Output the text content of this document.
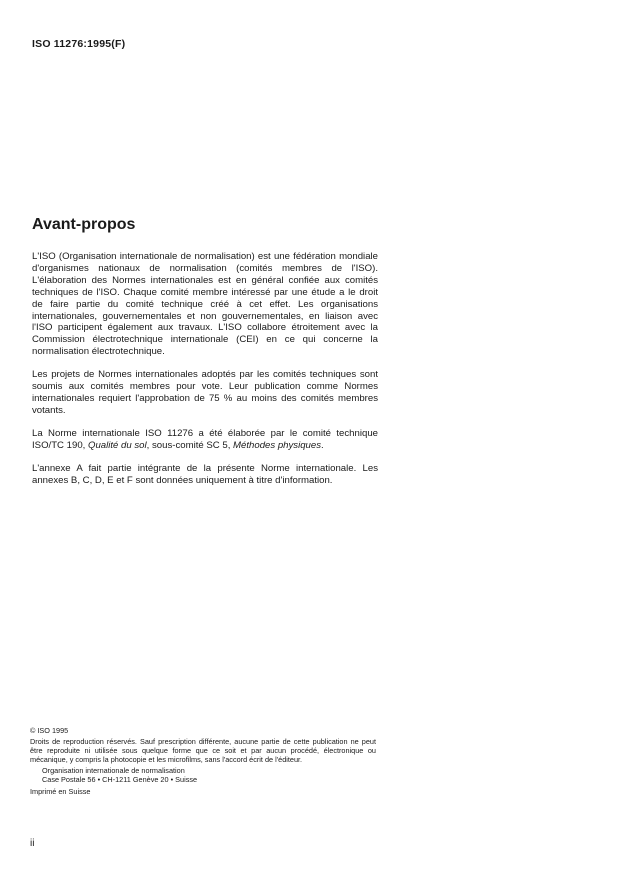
ISO 11276:1995(F)
Avant-propos

L'ISO (Organisation internationale de normalisation) est une fédération mondiale d'organismes nationaux de normalisation (comités membres de l'ISO). L'élaboration des Normes internationales est en général confiée aux comités techniques de l'ISO. Chaque comité membre intéressé par une étude a le droit de faire partie du comité technique créé à cet effet. Les organisations internationales, gouvernementales et non gouvernementales, en liaison avec l'ISO participent également aux travaux. L'ISO collabore étroitement avec la Commission électrotechnique internationale (CEI) en ce qui concerne la normalisation électrotechnique.

Les projets de Normes internationales adoptés par les comités techniques sont soumis aux comités membres pour vote. Leur publication comme Normes internationales requiert l'approbation de 75 % au moins des comités membres votants.

La Norme internationale ISO 11276 a été élaborée par le comité technique ISO/TC 190, Qualité du sol, sous-comité SC 5, Méthodes physiques.

L'annexe A fait partie intégrante de la présente Norme internationale. Les annexes B, C, D, E et F sont données uniquement à titre d'information.

© ISO 1995

Droits de reproduction réservés. Sauf prescription différente, aucune partie de cette publication ne peut être reproduite ni utilisée sous quelque forme que ce soit et par aucun procédé, électronique ou mécanique, y compris la photocopie et les microfilms, sans l'accord écrit de l'éditeur.

Organisation internationale de normalisation

Case Postale 56 • CH-1211 Genève 20 • Suisse

Imprimé en Suisse

ii
